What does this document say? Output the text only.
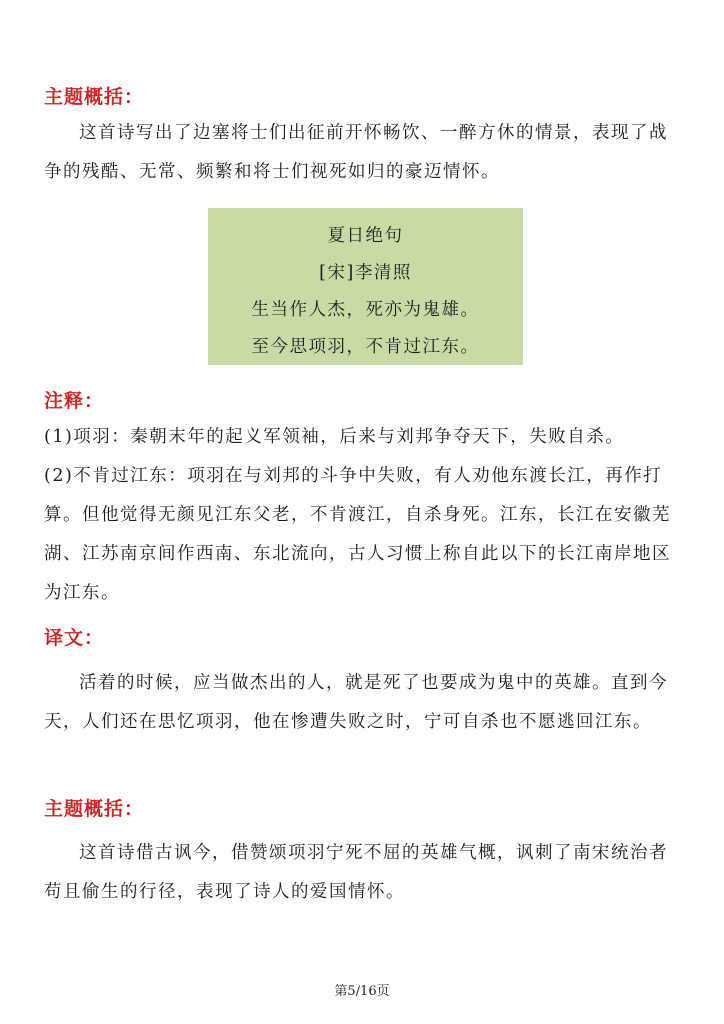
主题概括：

这首诗写出了边塞将士们出征前开怀畅饮、一醉方休的情景，表现了战争的残酷、无常、频繁和将士们视死如归的豪迈情怀。

夏日绝句
[宋]李清照
生当作人杰，死亦为鬼雄。
至今思项羽，不肯过江东。
注释：

(1)项羽：秦朝末年的起义军领袖，后来与刘邦争夺天下，失败自杀。

(2)不肯过江东：项羽在与刘邦的斗争中失败，有人劝他东渡长江，再作打算。但他觉得无颜见江东父老，不肯渡江，自杀身死。江东，长江在安徽芜湖、江苏南京间作西南、东北流向，古人习惯上称自此以下的长江南岸地区为江东。

译文：

活着的时候，应当做杰出的人，就是死了也要成为鬼中的英雄。直到今天，人们还在思忆项羽，他在惨遭失败之时，宁可自杀也不愿逃回江东。

主题概括：

这首诗借古讽今，借赞颂项羽宁死不屈的英雄气概，讽刺了南宋统治者苟且偷生的行径，表现了诗人的爱国情怀。

第5/16页
